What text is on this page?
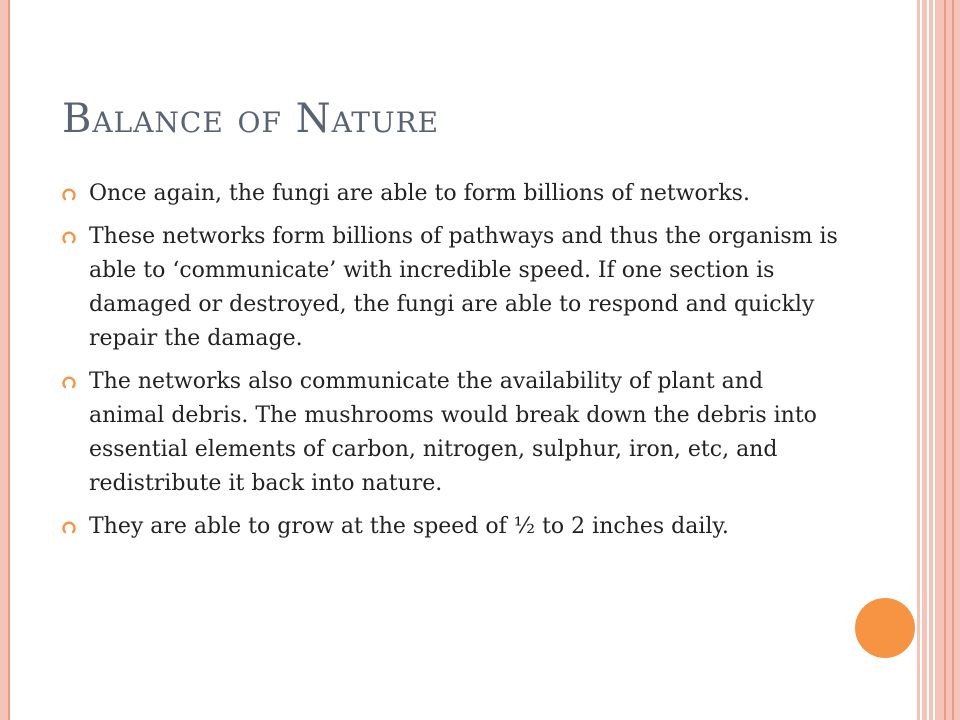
Balance of Nature
Once again, the fungi are able to form billions of networks.
These networks form billions of pathways and thus the organism is able to ‘communicate’ with incredible speed. If one section is damaged or destroyed, the fungi are able to respond and quickly repair the damage.
The networks also communicate the availability of plant and animal debris. The mushrooms would break down the debris into essential elements of carbon, nitrogen, sulphur, iron, etc, and redistribute it back into nature.
They are able to grow at the speed of ½ to 2 inches daily.
